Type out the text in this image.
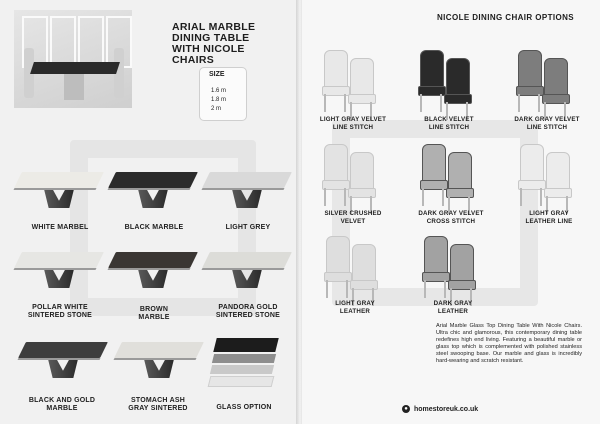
ARIAL MARBLE
DINING TABLE
WITH NICOLE
CHAIRS
SIZE
1.6 m
1.8 m
2 m
WHITE MARBEL	BLACK MARBLE	LIGHT GREY
POLLAR WHITE
SINTERED STONE
BROWN
MARBLE
PANDORA GOLD
SINTERED STONE
BLACK AND GOLD
MARBLE
STOMACH ASH
GRAY SINTERED	GLASS OPTION
NICOLE DINING CHAIR OPTIONS
LIGHT GRAY VELVET
LINE STITCH
BLACK VELVET
LINE STITCH
DARK GRAY VELVET
LINE STITCH
SILVER CRUSHED
VELVET
DARK GRAY VELVET
CROSS STITCH
LIGHT GRAY
LEATHER LINE
LIGHT GRAY
LEATHER
DARK GRAY
LEATHER
Arial Marble Glass Top Dining Table With Nicole Chairs. Ultra chic and glamorous, this contemporary dining table redefines high end living. Featuring a beautiful marble or glass top which is complemented with polished stainless steel swooping base. Our marble and glass is incredibly hard-wearing and scratch resistant.
● homestoreuk.co.uk
